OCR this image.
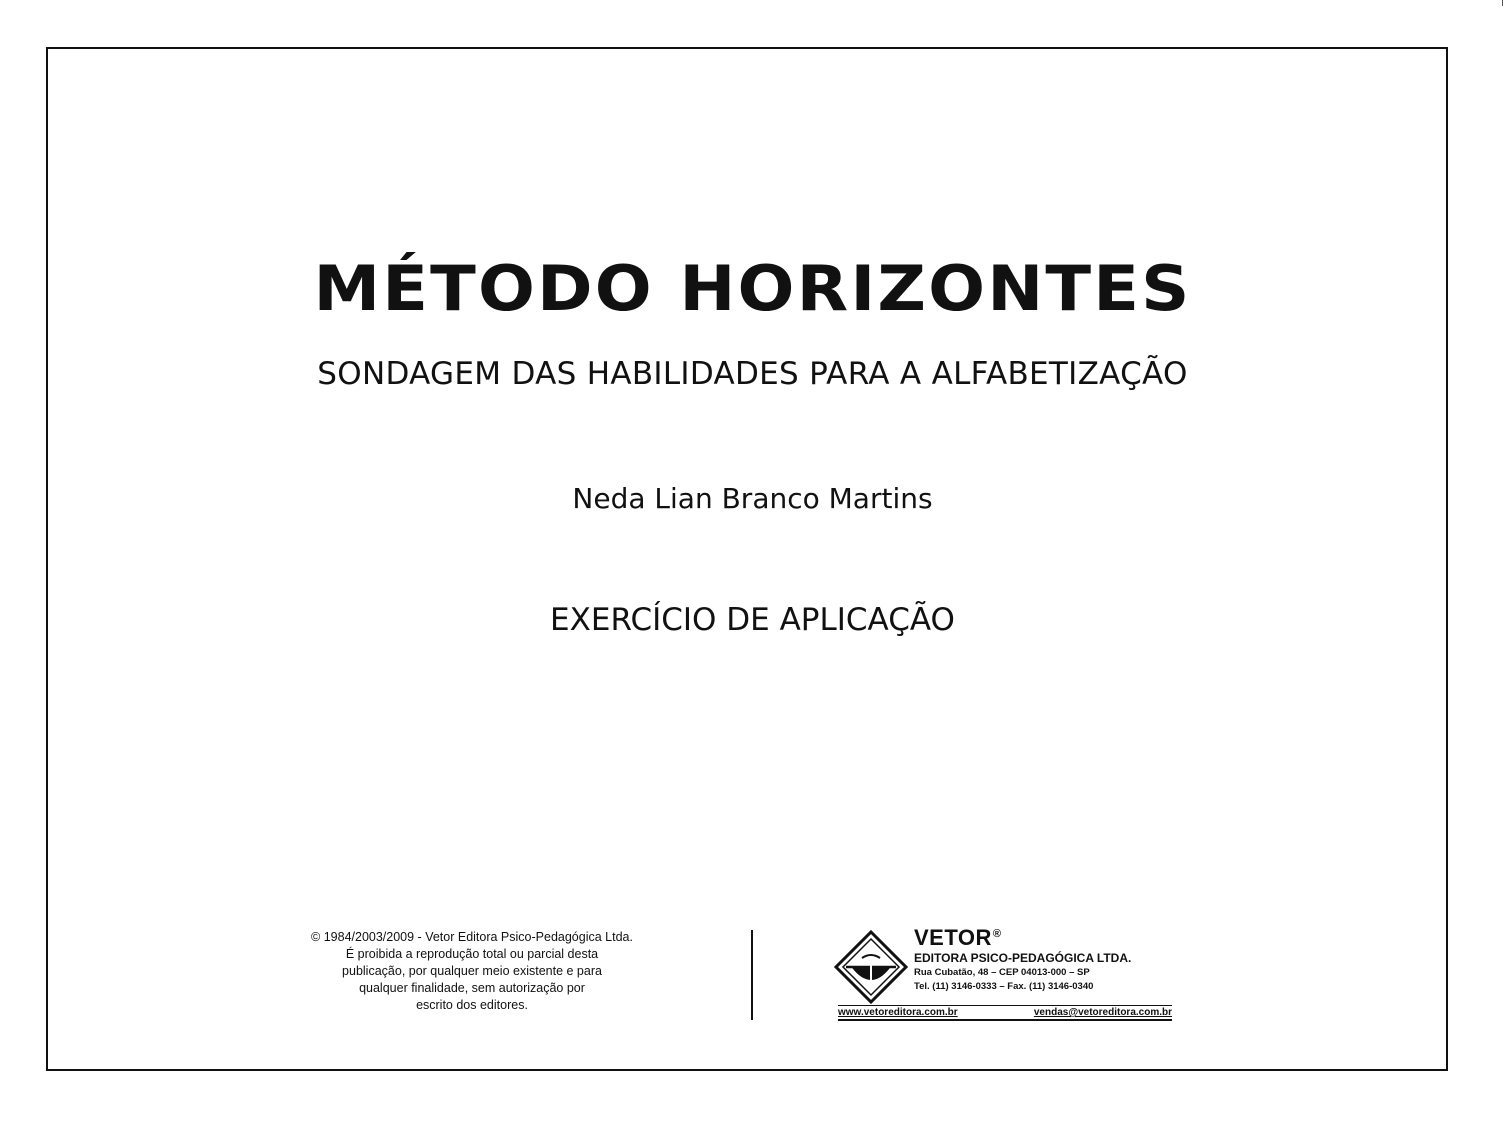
MÉTODO HORIZONTES
SONDAGEM DAS HABILIDADES PARA A ALFABETIZAÇÃO
Neda Lian Branco Martins
EXERCÍCIO DE APLICAÇÃO
© 1984/2003/2009 - Vetor Editora Psico-Pedagógica Ltda.
É proibida a reprodução total ou parcial desta
publicação, por qualquer meio existente e para
qualquer finalidade, sem autorização por
escrito dos editores.
VETOR®
EDITORA PSICO-PEDAGÓGICA LTDA.
Rua Cubatão, 48 – CEP 04013-000 – SP
Tel. (11) 3146-0333 – Fax. (11) 3146-0340
www.vetoreditora.com.br	vendas@vetoreditora.com.br
